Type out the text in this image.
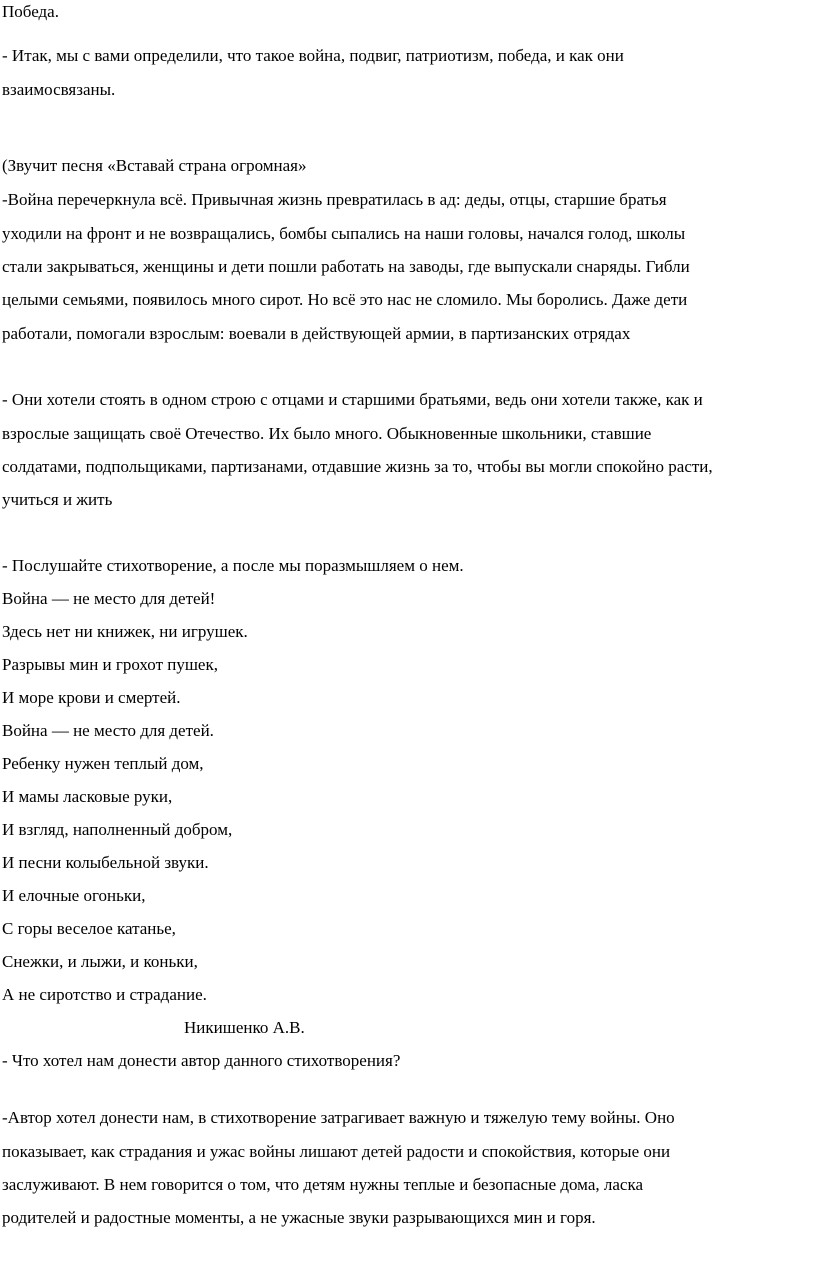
Победа.

- Итак, мы с вами определили, что такое война, подвиг, патриотизм, победа, и как они

взаимосвязаны.

(Звучит песня «Вставай страна огромная»

-Война перечеркнула всё. Привычная жизнь превратилась в ад: деды, отцы, старшие братья

уходили на фронт и не возвращались, бомбы сыпались на наши головы, начался голод, школы

стали закрываться, женщины и дети пошли работать на заводы, где выпускали снаряды. Гибли

целыми семьями, появилось много сирот. Но всё это нас не сломило. Мы боролись. Даже дети

работали, помогали взрослым: воевали в действующей армии, в партизанских отрядах

- Они хотели стоять в одном строю с отцами и старшими братьями, ведь они хотели также, как и

взрослые защищать своё Отечество. Их было много. Обыкновенные школьники, ставшие

солдатами, подпольщиками, партизанами, отдавшие жизнь за то, чтобы вы могли спокойно расти,

учиться и жить

- Послушайте стихотворение, а после мы поразмышляем о нем.

Война — не место для детей!

Здесь нет ни книжек, ни игрушек.

Разрывы мин и грохот пушек,

И море крови и смертей.

Война — не место для детей.

Ребенку нужен теплый дом,

И мамы ласковые руки,

И взгляд, наполненный добром,

И песни колыбельной звуки.

И елочные огоньки,

С горы веселое катанье,

Снежки, и лыжи, и коньки,

А не сиротство и страдание.

Никишенко А.В.

- Что хотел нам донести автор данного стихотворения?

-Автор хотел донести нам, в стихотворение затрагивает важную и тяжелую тему войны. Оно

показывает, как страдания и ужас войны лишают детей радости и спокойствия, которые они

заслуживают. В нем говорится о том, что детям нужны теплые и безопасные дома, ласка

родителей и радостные моменты, а не ужасные звуки разрывающихся мин и горя.
